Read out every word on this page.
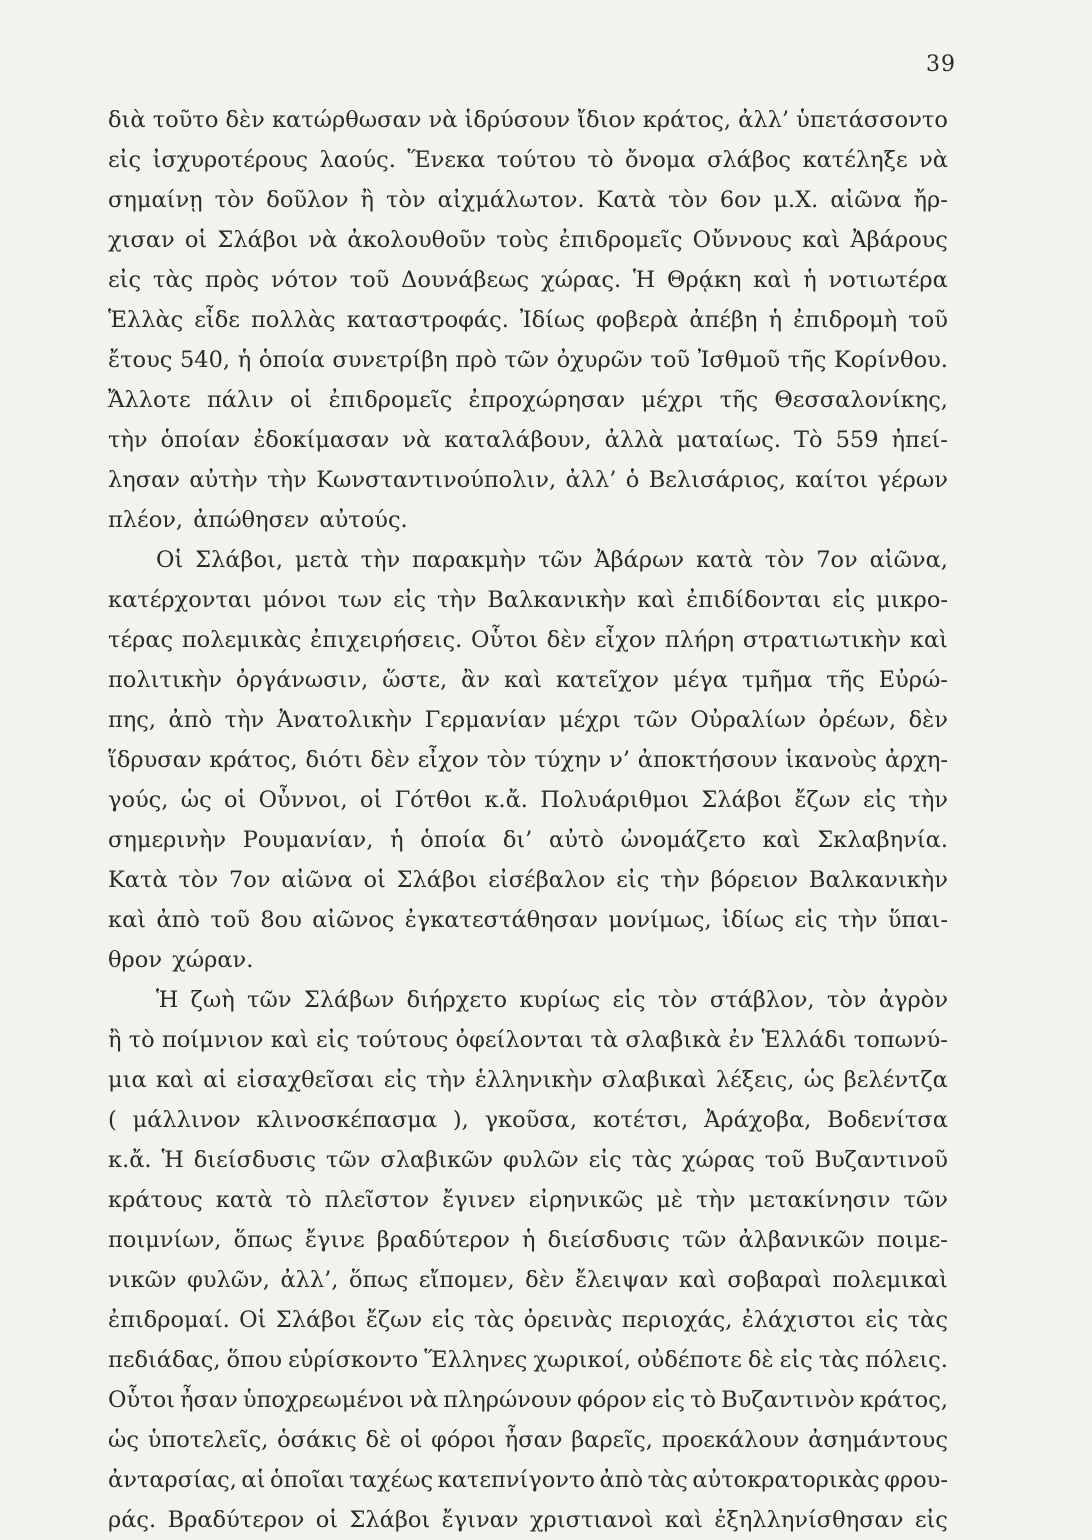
39
διὰ τοῦτο δὲν κατώρθωσαν νὰ ἱδρύσουν ἴδιον κράτος, ἀλλ’ ὑπετάσσοντο
εἰς ἰσχυροτέρους λαούς. Ἕνεκα τούτου τὸ ὄνομα σλάβος κατέληξε νὰ
σημαίνῃ τὸν δοῦλον ἢ τὸν αἰχμάλωτον. Κατὰ τὸν 6ον μ.Χ. αἰῶνα ἤρ-
χισαν οἱ Σλάβοι νὰ ἀκολουθοῦν τοὺς ἐπιδρομεῖς Οὔννους καὶ Ἀβάρους
εἰς τὰς πρὸς νότον τοῦ Δουνάβεως χώρας. Ἡ Θρᾴκη καὶ ἡ νοτιωτέρα
Ἑλλὰς εἶδε πολλὰς καταστροφάς. Ἰδίως φοβερὰ ἀπέβη ἡ ἐπιδρομὴ τοῦ
ἔτους 540, ἡ ὁποία συνετρίβη πρὸ τῶν ὀχυρῶν τοῦ Ἰσθμοῦ τῆς Κορίνθου.
Ἄλλοτε πάλιν οἱ ἐπιδρομεῖς ἐπροχώρησαν μέχρι τῆς Θεσσαλονίκης,
τὴν ὁποίαν ἐδοκίμασαν νὰ καταλάβουν, ἀλλὰ ματαίως. Τὸ 559 ἠπεί-
λησαν αὐτὴν τὴν Κωνσταντινούπολιν, ἀλλ’ ὁ Βελισάριος, καίτοι γέρων
πλέον, ἀπώθησεν αὐτούς.
Οἱ Σλάβοι, μετὰ τὴν παρακμὴν τῶν Ἀβάρων κατὰ τὸν 7ον αἰῶνα,
κατέρχονται μόνοι των εἰς τὴν Βαλκανικὴν καὶ ἐπιδίδονται εἰς μικρο-
τέρας πολεμικὰς ἐπιχειρήσεις. Οὗτοι δὲν εἶχον πλήρη στρατιωτικὴν καὶ
πολιτικὴν ὀργάνωσιν, ὥστε, ἂν καὶ κατεῖχον μέγα τμῆμα τῆς Εὐρώ-
πης, ἀπὸ τὴν Ἀνατολικὴν Γερμανίαν μέχρι τῶν Οὐραλίων ὀρέων, δὲν
ἵδρυσαν κράτος, διότι δὲν εἶχον τὸν τύχην ν’ ἀποκτήσουν ἱκανοὺς ἀρχη-
γούς, ὡς οἱ Οὖννοι, οἱ Γότθοι κ.ἄ. Πολυάριθμοι Σλάβοι ἔζων εἰς τὴν
σημερινὴν Ρουμανίαν, ἡ ὁποία δι’ αὐτὸ ὠνομάζετο καὶ Σκλαβηνία.
Κατὰ τὸν 7ον αἰῶνα οἱ Σλάβοι εἰσέβαλον εἰς τὴν βόρειον Βαλκανικὴν
καὶ ἀπὸ τοῦ 8ου αἰῶνος ἐγκατεστάθησαν μονίμως, ἰδίως εἰς τὴν ὕπαι-
θρον χώραν.
Ἡ ζωὴ τῶν Σλάβων διήρχετο κυρίως εἰς τὸν στάβλον, τὸν ἀγρὸν
ἢ τὸ ποίμνιον καὶ εἰς τούτους ὀφείλονται τὰ σλαβικὰ ἐν Ἑλλάδι τοπωνύ-
μια καὶ αἱ εἰσαχθεῖσαι εἰς τὴν ἑλληνικὴν σλαβικαὶ λέξεις, ὡς βελέντζα
( μάλλινον κλινοσκέπασμα ), γκοῦσα, κοτέτσι, Ἀράχοβα, Βοδενίτσα
κ.ἄ. Ἡ διείσδυσις τῶν σλαβικῶν φυλῶν εἰς τὰς χώρας τοῦ Βυζαντινοῦ
κράτους κατὰ τὸ πλεῖστον ἔγινεν εἰρηνικῶς μὲ τὴν μετακίνησιν τῶν
ποιμνίων, ὅπως ἔγινε βραδύτερον ἡ διείσδυσις τῶν ἀλβανικῶν ποιμε-
νικῶν φυλῶν, ἀλλ’, ὅπως εἴπομεν, δὲν ἔλειψαν καὶ σοβαραὶ πολεμικαὶ
ἐπιδρομαί. Οἱ Σλάβοι ἔζων εἰς τὰς ὀρεινὰς περιοχάς, ἐλάχιστοι εἰς τὰς
πεδιάδας, ὅπου εὑρίσκοντο Ἕλληνες χωρικοί, οὐδέποτε δὲ εἰς τὰς πόλεις.
Οὗτοι ἦσαν ὑποχρεωμένοι νὰ πληρώνουν φόρον εἰς τὸ Βυζαντινὸν κράτος,
ὡς ὑποτελεῖς, ὁσάκις δὲ οἱ φόροι ἦσαν βαρεῖς, προεκάλουν ἀσημάντους
ἀνταρσίας, αἱ ὁποῖαι ταχέως κατεπνίγοντο ἀπὸ τὰς αὐτοκρατορικὰς φρου-
ράς. Βραδύτερον οἱ Σλάβοι ἔγιναν χριστιανοὶ καὶ ἐξηλληνίσθησαν εἰς
